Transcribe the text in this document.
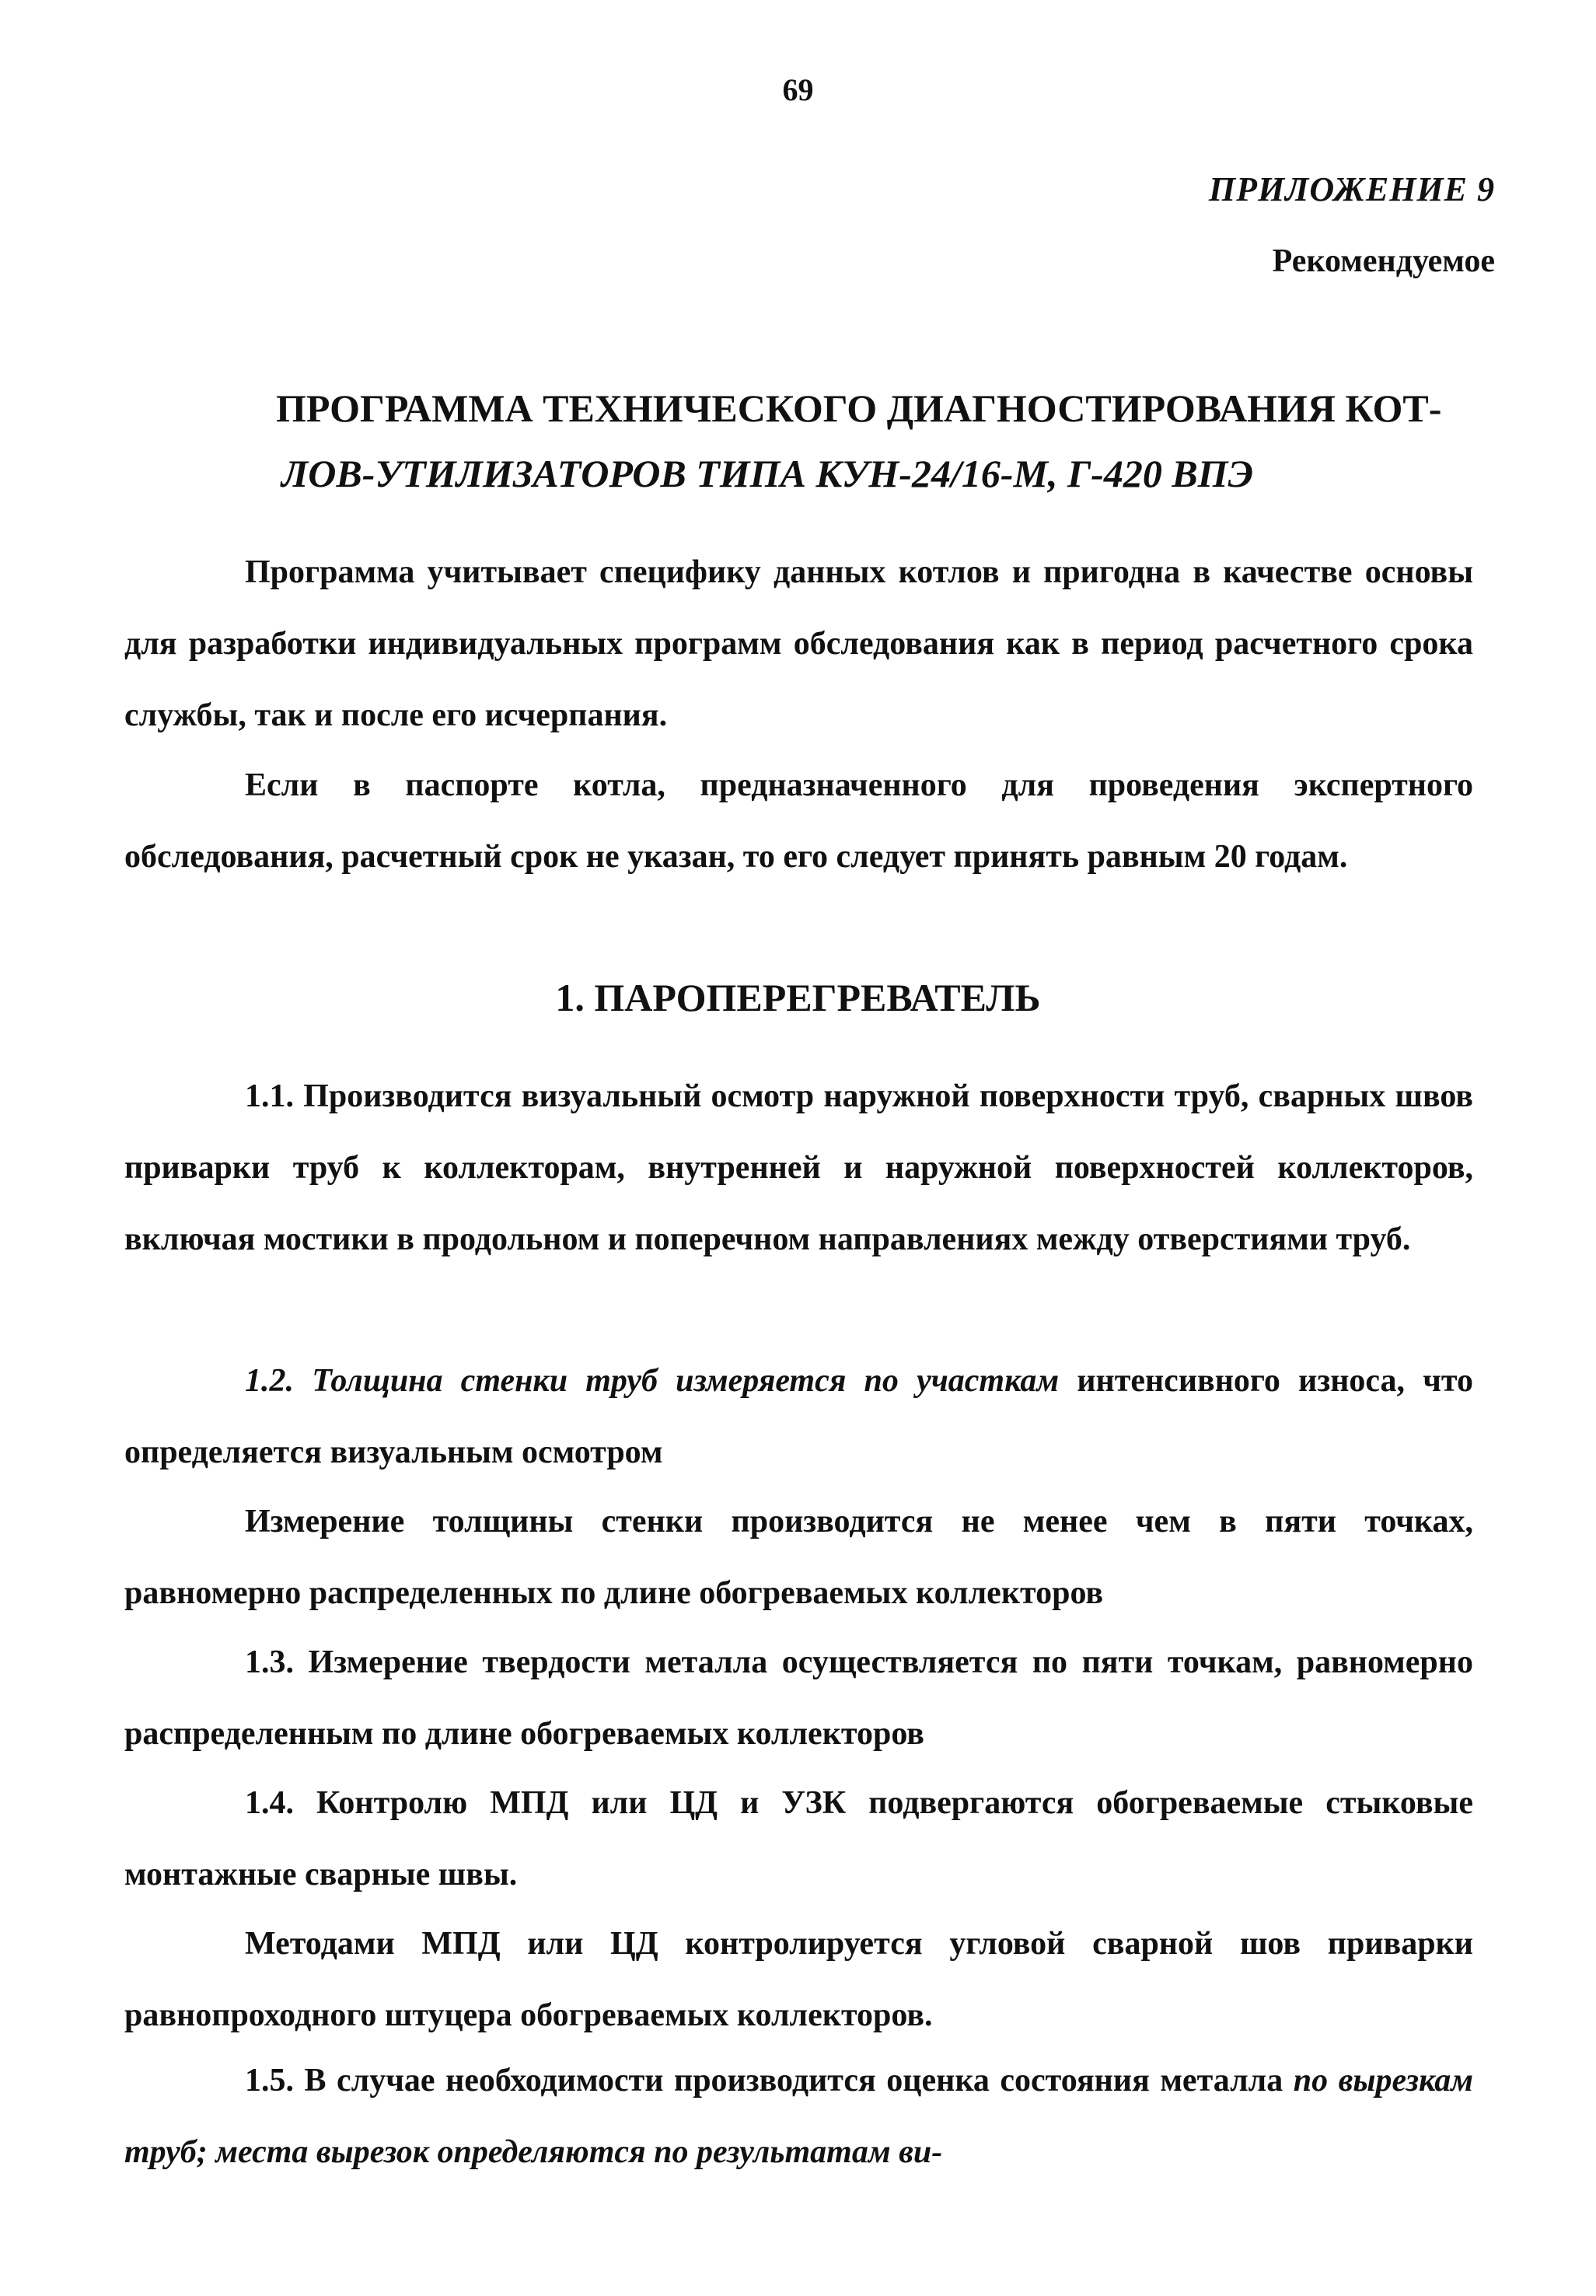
69
ПРИЛОЖЕНИЕ 9
Рекомендуемое
ПРОГРАММА ТЕХНИЧЕСКОГО ДИАГНОСТИРОВАНИЯ КОТ-
ЛОВ-УТИЛИЗАТОРОВ ТИПА КУН-24/16-М, Г-420 ВПЭ

Программа учитывает специфику данных котлов и пригодна в качестве основы для разработки индивидуальных программ обследования как в период расчетного срока службы, так и после его исчерпания.

Если в паспорте котла, предназначенного для проведения экспертного обследования, расчетный срок не указан, то его следует принять равным 20 годам.

1. ПАРОПЕРЕГРЕВАТЕЛЬ

1.1. Производится визуальный осмотр наружной поверхности труб, сварных швов приварки труб к коллекторам, внутренней и наружной поверхностей коллекторов, включая мостики в продольном и поперечном направлениях между отверстиями труб.

1.2. Толщина стенки труб измеряется по участкам интенсивного износа, что определяется визуальным осмотром

Измерение толщины стенки производится не менее чем в пяти точках, равномерно распределенных по длине обогреваемых коллекторов

1.3. Измерение твердости металла осуществляется по пяти точкам, равномерно распределенным по длине обогреваемых коллекторов

1.4. Контролю МПД или ЦД и УЗК подвергаются обогреваемые стыковые монтажные сварные швы.

Методами МПД или ЦД контролируется угловой сварной шов приварки равнопроходного штуцера обогреваемых коллекторов.

1.5. В случае необходимости производится оценка состояния металла по вырезкам труб; места вырезок определяются по результатам ви-
